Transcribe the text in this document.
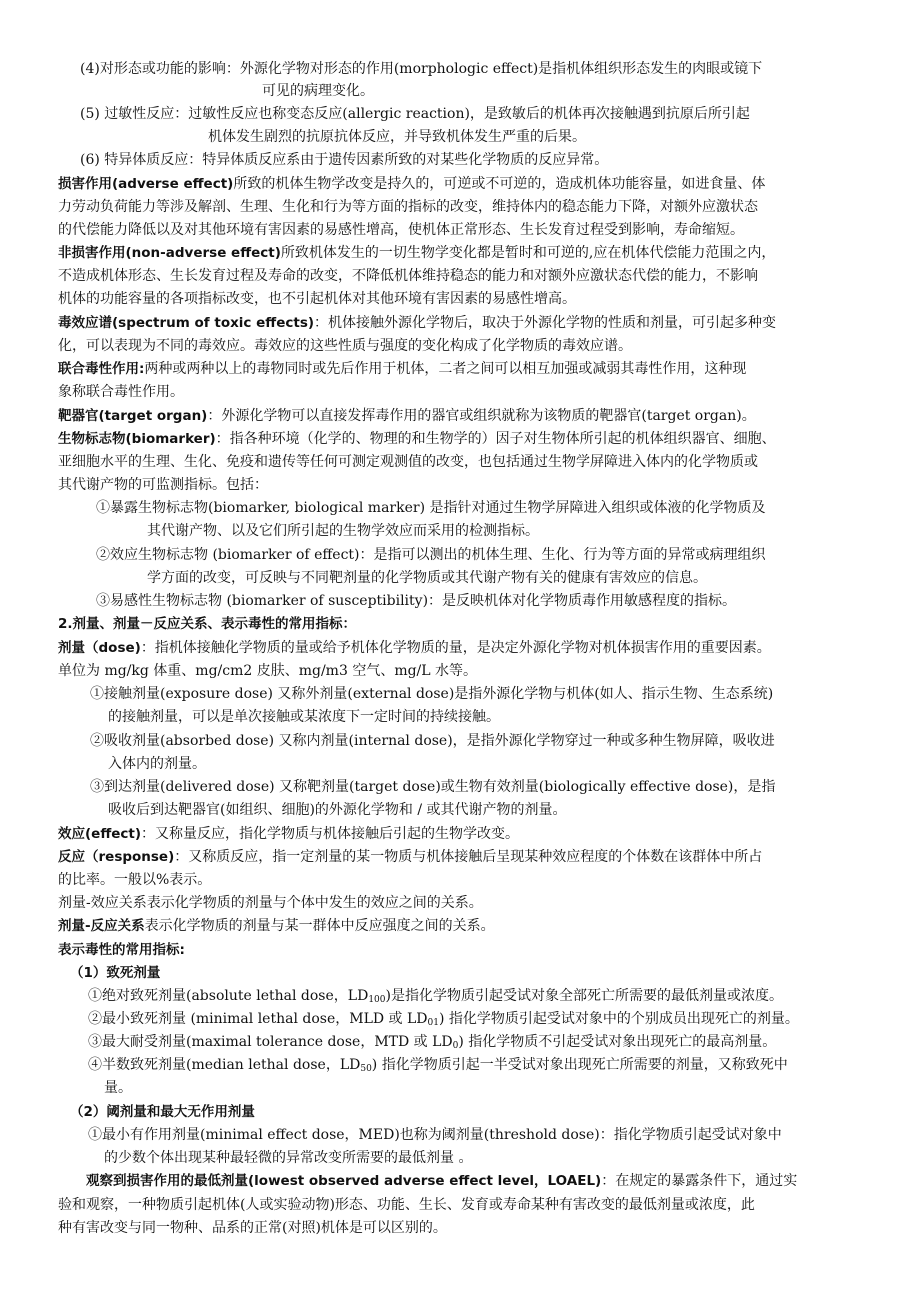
(4)对形态或功能的影响：外源化学物对形态的作用(morphologic effect)是指机体组织形态发生的肉眼或镜下
可见的病理变化。
(5) 过敏性反应：过敏性反应也称变态反应(allergic reaction)，是致敏后的机体再次接触遇到抗原后所引起
机体发生剧烈的抗原抗体反应，并导致机体发生严重的后果。
(6) 特异体质反应：特异体质反应系由于遗传因素所致的对某些化学物质的反应异常。
损害作用(adverse effect)所致的机体生物学改变是持久的，可逆或不可逆的，造成机体功能容量，如进食量、体
力劳动负荷能力等涉及解剖、生理、生化和行为等方面的指标的改变，维持体内的稳态能力下降，对额外应激状态
的代偿能力降低以及对其他环境有害因素的易感性增高，使机体正常形态、生长发育过程受到影响，寿命缩短。
非损害作用(non-adverse effect)所致机体发生的一切生物学变化都是暂时和可逆的,应在机体代偿能力范围之内，
不造成机体形态、生长发育过程及寿命的改变，不降低机体维持稳态的能力和对额外应激状态代偿的能力，不影响
机体的功能容量的各项指标改变，也不引起机体对其他环境有害因素的易感性增高。
毒效应谱(spectrum of toxic effects)：机体接触外源化学物后，取决于外源化学物的性质和剂量，可引起多种变
化，可以表现为不同的毒效应。毒效应的这些性质与强度的变化构成了化学物质的毒效应谱。
联合毒性作用:两种或两种以上的毒物同时或先后作用于机体，二者之间可以相互加强或减弱其毒性作用，这种现
象称联合毒性作用。
靶器官(target organ)：外源化学物可以直接发挥毒作用的器官或组织就称为该物质的靶器官(target organ)。
生物标志物(biomarker)：指各种环境（化学的、物理的和生物学的）因子对生物体所引起的机体组织器官、细胞、
亚细胞水平的生理、生化、免疫和遗传等任何可测定观测值的改变，也包括通过生物学屏障进入体内的化学物质或
其代谢产物的可监测指标。包括：
①暴露生物标志物(biomarker, biological marker) 是指针对通过生物学屏障进入组织或体液的化学物质及
其代谢产物、以及它们所引起的生物学效应而采用的检测指标。
②效应生物标志物 (biomarker of effect)：是指可以测出的机体生理、生化、行为等方面的异常或病理组织
学方面的改变，可反映与不同靶剂量的化学物质或其代谢产物有关的健康有害效应的信息。
③易感性生物标志物 (biomarker of susceptibility)：是反映机体对化学物质毒作用敏感程度的指标。
2.剂量、剂量－反应关系、表示毒性的常用指标：
剂量（dose)：指机体接触化学物质的量或给予机体化学物质的量，是决定外源化学物对机体损害作用的重要因素。
单位为 mg/kg 体重、mg/cm2 皮肤、mg/m3 空气、mg/L 水等。
①接触剂量(exposure dose) 又称外剂量(external dose)是指外源化学物与机体(如人、指示生物、生态系统)
的接触剂量，可以是单次接触或某浓度下一定时间的持续接触。
②吸收剂量(absorbed dose) 又称内剂量(internal dose)，是指外源化学物穿过一种或多种生物屏障，吸收进
入体内的剂量。
③到达剂量(delivered dose) 又称靶剂量(target dose)或生物有效剂量(biologically effective dose)，是指
吸收后到达靶器官(如组织、细胞)的外源化学物和 / 或其代谢产物的剂量。
效应(effect)：又称量反应，指化学物质与机体接触后引起的生物学改变。
反应（response)：又称质反应，指一定剂量的某一物质与机体接触后呈现某种效应程度的个体数在该群体中所占
的比率。一般以%表示。
剂量-效应关系表示化学物质的剂量与个体中发生的效应之间的关系。
剂量-反应关系表示化学物质的剂量与某一群体中反应强度之间的关系。
表示毒性的常用指标:
（1）致死剂量
①绝对致死剂量(absolute lethal dose，$LD_{100}$)是指化学物质引起受试对象全部死亡所需要的最低剂量或浓度。
②最小致死剂量 (minimal lethal dose，MLD 或 $LD_{01}$) 指化学物质引起受试对象中的个别成员出现死亡的剂量。
③最大耐受剂量(maximal tolerance dose，MTD 或 $LD_0$) 指化学物质不引起受试对象出现死亡的最高剂量。
④半数致死剂量(median lethal dose，$LD_{50}$) 指化学物质引起一半受试对象出现死亡所需要的剂量，又称致死中
量。
（2）阈剂量和最大无作用剂量
①最小有作用剂量(minimal effect dose，MED)也称为阈剂量(threshold dose)：指化学物质引起受试对象中
的少数个体出现某种最轻微的异常改变所需要的最低剂量 。
观察到损害作用的最低剂量(lowest observed adverse effect level，LOAEL)：在规定的暴露条件下，通过实
验和观察，一种物质引起机体(人或实验动物)形态、功能、生长、发育或寿命某种有害改变的最低剂量或浓度，此
种有害改变与同一物种、品系的正常(对照)机体是可以区别的。
